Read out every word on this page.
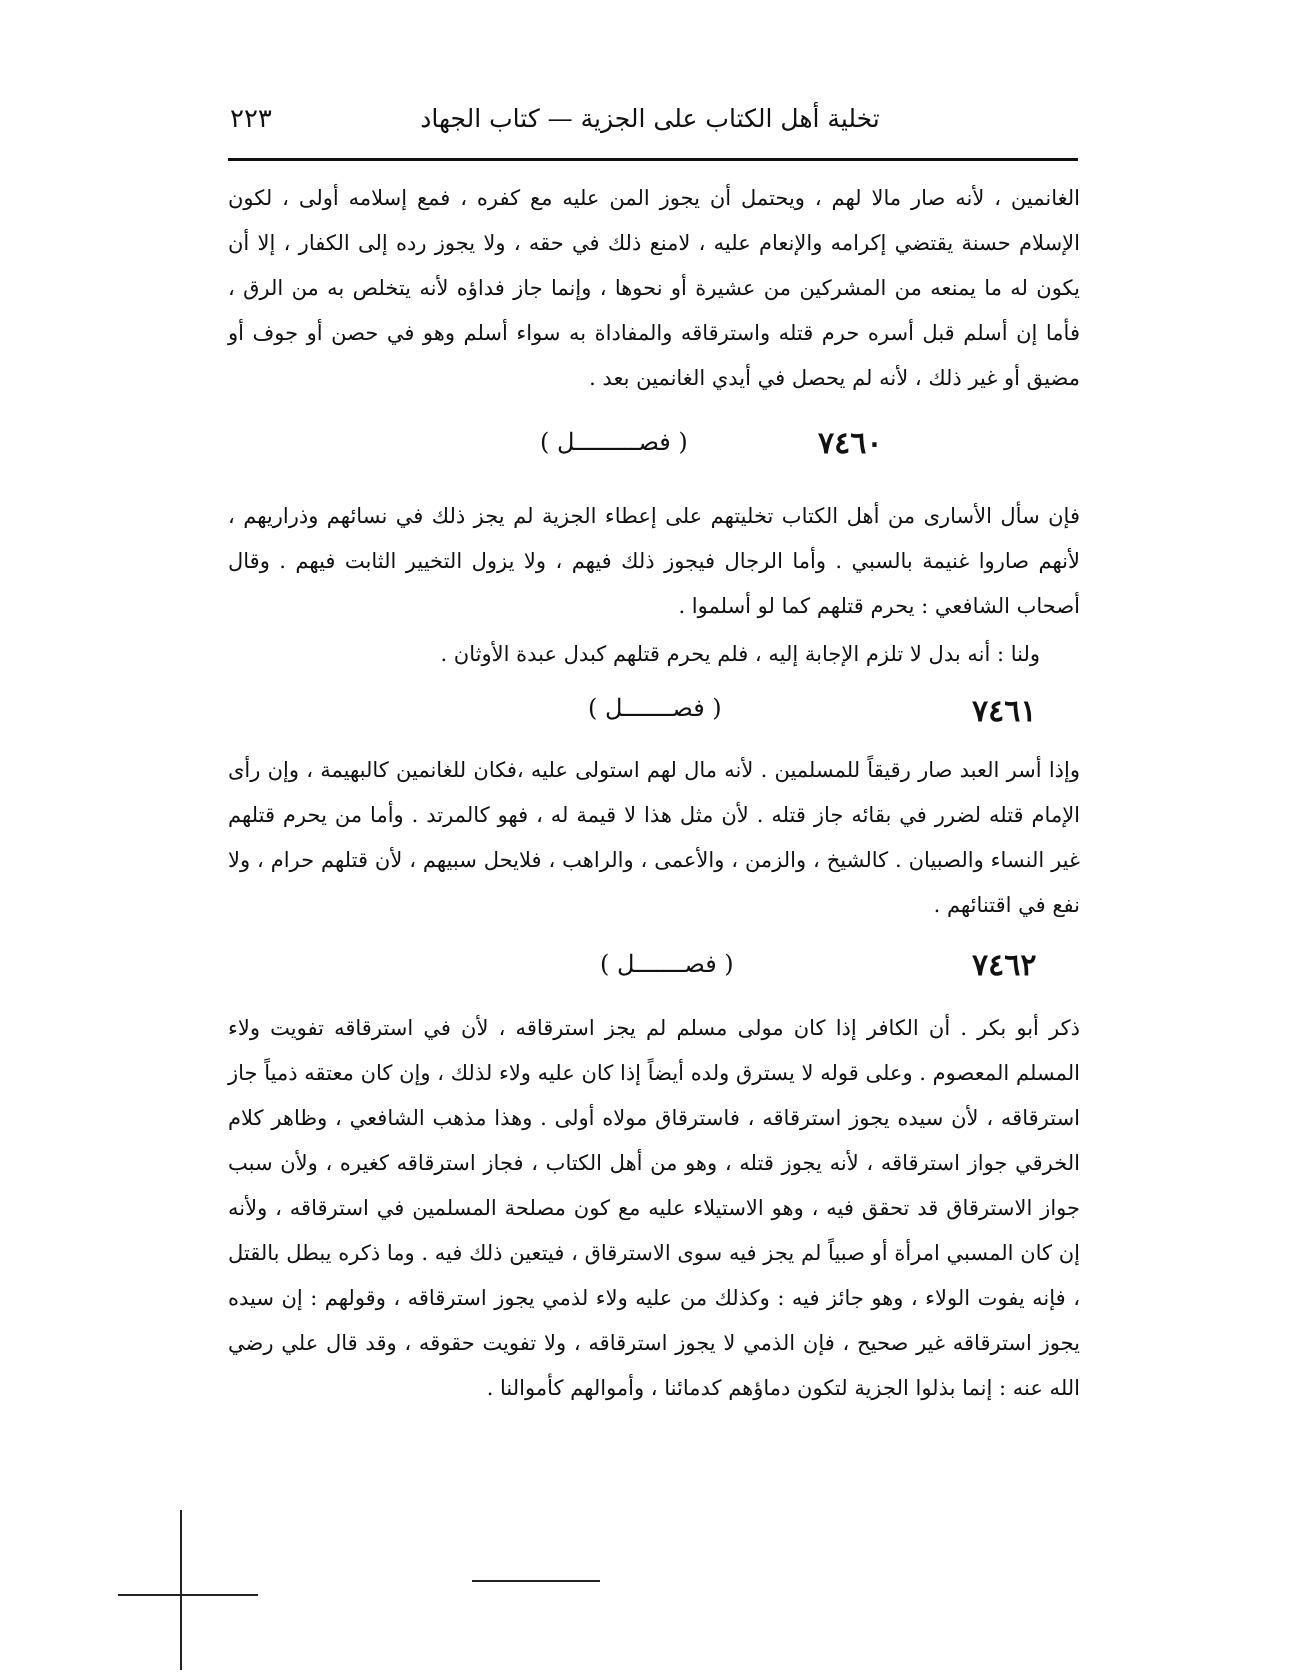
تخلية أهل الكتاب على الجزية — كتاب الجهاد
٢٢٣
الغانمين ، لأنه صار مالا لهم ، ويحتمل أن يجوز المن عليه مع كفره ، فمع إسلامه أولى ، لكون الإسلام حسنة يقتضي إكرامه والإنعام عليه ، لامنع ذلك في حقه ، ولا يجوز رده إلى الكفار ، إلا أن يكون له ما يمنعه من المشركين من عشيرة أو نحوها ، وإنما جاز فداؤه لأنه يتخلص به من الرق ، فأما إن أسلم قبل أسره حرم قتله واسترقاقه والمفاداة به سواء أسلم وهو في حصن أو جوف أو مضيق أو غير ذلك ، لأنه لم يحصل في أيدي الغانمين بعد .
٧٤٦٠
( فصـــــــــل )
فإن سأل الأسارى من أهل الكتاب تخليتهم على إعطاء الجزية لم يجز ذلك في نسائهم وذراريهم ، لأنهم صاروا غنيمة بالسبي . وأما الرجال فيجوز ذلك فيهم ، ولا يزول التخيير الثابت فيهم . وقال أصحاب الشافعي : يحرم قتلهم كما لو أسلموا .
ولنا : أنه بدل لا تلزم الإجابة إليه ، فلم يحرم قتلهم كبدل عبدة الأوثان .
٧٤٦١
( فصـــــــل )
وإذا أسر العبد صار رقيقاً للمسلمين . لأنه مال لهم استولى عليه ،فكان للغانمين كالبهيمة ، وإن رأى الإمام قتله لضرر في بقائه جاز قتله . لأن مثل هذا لا قيمة له ، فهو كالمرتد . وأما من يحرم قتلهم غير النساء والصبيان . كالشيخ ، والزمن ، والأعمى ، والراهب ، فلايحل سبيهم ، لأن قتلهم حرام ، ولا نفع في اقتنائهم .
٧٤٦٢
( فصـــــــل )
ذكر أبو بكر . أن الكافر إذا كان مولى مسلم لم يجز استرقاقه ، لأن في استرقاقه تفويت ولاء المسلم المعصوم . وعلى قوله لا يسترق ولده أيضاً إذا كان عليه ولاء لذلك ، وإن كان معتقه ذمياً جاز استرقاقه ، لأن سيده يجوز استرقاقه ، فاسترقاق مولاه أولى . وهذا مذهب الشافعي ، وظاهر كلام الخرقي جواز استرقاقه ، لأنه يجوز قتله ، وهو من أهل الكتاب ، فجاز استرقاقه كغيره ، ولأن سبب جواز الاسترقاق قد تحقق فيه ، وهو الاستيلاء عليه مع كون مصلحة المسلمين في استرقاقه ، ولأنه إن كان المسبي امرأة أو صبياً لم يجز فيه سوى الاسترقاق ، فيتعين ذلك فيه . وما ذكره يبطل بالقتل ، فإنه يفوت الولاء ، وهو جائز فيه : وكذلك من عليه ولاء لذمي يجوز استرقاقه ، وقولهم : إن سيده يجوز استرقاقه غير صحيح ، فإن الذمي لا يجوز استرقاقه ، ولا تفويت حقوقه ، وقد قال علي رضي الله عنه : إنما بذلوا الجزية لتكون دماؤهم كدمائنا ، وأموالهم كأموالنا .
